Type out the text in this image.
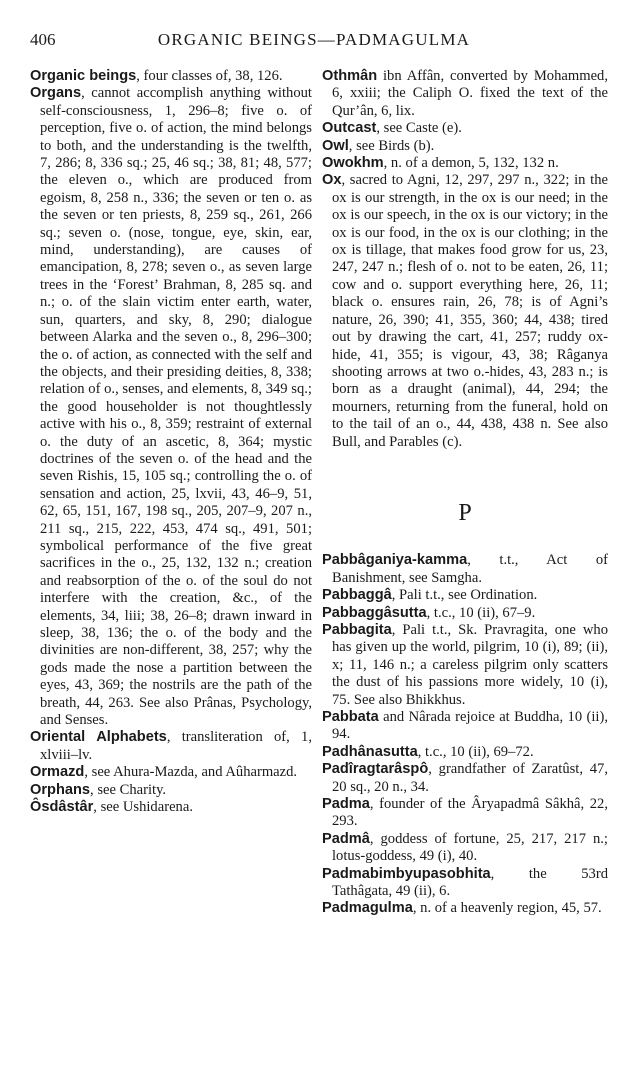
ORGANIC BEINGS—PADMAGULMA
406
Organic beings, four classes of, 38, 126.
Organs, cannot accomplish anything without self-consciousness, 1, 296–8; five o. of perception, five o. of action, the mind belongs to both, and the understanding is the twelfth, 7, 286; 8, 336 sq.; 25, 46 sq.; 38, 81; 48, 577; the eleven o., which are produced from egoism, 8, 258 n., 336; the seven or ten o. as the seven or ten priests, 8, 259 sq., 261, 266 sq.; seven o. (nose, tongue, eye, skin, ear, mind, understanding), are causes of emancipation, 8, 278; seven o., as seven large trees in the ‘Forest’ Brahman, 8, 285 sq. and n.; o. of the slain victim enter earth, water, sun, quarters, and sky, 8, 290; dialogue between Alarka and the seven o., 8, 296–300; the o. of action, as connected with the self and the objects, and their presiding deities, 8, 338; relation of o., senses, and elements, 8, 349 sq.; the good householder is not thoughtlessly active with his o., 8, 359; restraint of external o. the duty of an ascetic, 8, 364; mystic doctrines of the seven o. of the head and the seven Rishis, 15, 105 sq.; controlling the o. of sensation and action, 25, lxvii, 43, 46–9, 51, 62, 65, 151, 167, 198 sq., 205, 207–9, 207 n., 211 sq., 215, 222, 453, 474 sq., 491, 501; symbolical performance of the five great sacrifices in the o., 25, 132, 132 n.; creation and reabsorption of the o. of the soul do not interfere with the creation, &c., of the elements, 34, liii; 38, 26–8; drawn inward in sleep, 38, 136; the o. of the body and the divinities are non-different, 38, 257; why the gods made the nose a partition between the eyes, 43, 369; the nostrils are the path of the breath, 44, 263. See also Prânas, Psychology, and Senses.
Oriental Alphabets, transliteration of, 1, xlviii–lv.
Ormazd, see Ahura-Mazda, and Aûharmazd.
Orphans, see Charity.
Ôsdâstâr, see Ushidarena.
Othmân ibn Affân, converted by Mohammed, 6, xxiii; the Caliph O. fixed the text of the Qur’ân, 6, lix.
Outcast, see Caste (e).
Owl, see Birds (b).
Owokhm, n. of a demon, 5, 132, 132 n.
Ox, sacred to Agni, 12, 297, 297 n., 322; in the ox is our strength, in the ox is our need; in the ox is our speech, in the ox is our victory; in the ox is our food, in the ox is our clothing; in the ox is tillage, that makes food grow for us, 23, 247, 247 n.; flesh of o. not to be eaten, 26, 11; cow and o. support everything here, 26, 11; black o. ensures rain, 26, 78; is of Agni’s nature, 26, 390; 41, 355, 360; 44, 438; tired out by drawing the cart, 41, 257; ruddy ox-hide, 41, 355; is vigour, 43, 38; Râganya shooting arrows at two o.-hides, 43, 283 n.; is born as a draught (animal), 44, 294; the mourners, returning from the funeral, hold on to the tail of an o., 44, 438, 438 n. See also Bull, and Parables (c).
P
Pabbâganiya-kamma, t.t., Act of Banishment, see Samgha.
Pabbaggâ, Pali t.t., see Ordination.
Pabbaggâsutta, t.c., 10 (ii), 67–9.
Pabbagita, Pali t.t., Sk. Pravragita, one who has given up the world, pilgrim, 10 (i), 89; (ii), x; 11, 146 n.; a careless pilgrim only scatters the dust of his passions more widely, 10 (i), 75. See also Bhikkhus.
Pabbata and Nârada rejoice at Buddha, 10 (ii), 94.
Padhânasutta, t.c., 10 (ii), 69–72.
Padîragtarâspô, grandfather of Zaratûst, 47, 20 sq., 20 n., 34.
Padma, founder of the Âryapadmâ Sâkhâ, 22, 293.
Padmâ, goddess of fortune, 25, 217, 217 n.; lotus-goddess, 49 (i), 40.
Padmabimbyupasobhita, the 53rd Tathâgata, 49 (ii), 6.
Padmagulma, n. of a heavenly region, 45, 57.
